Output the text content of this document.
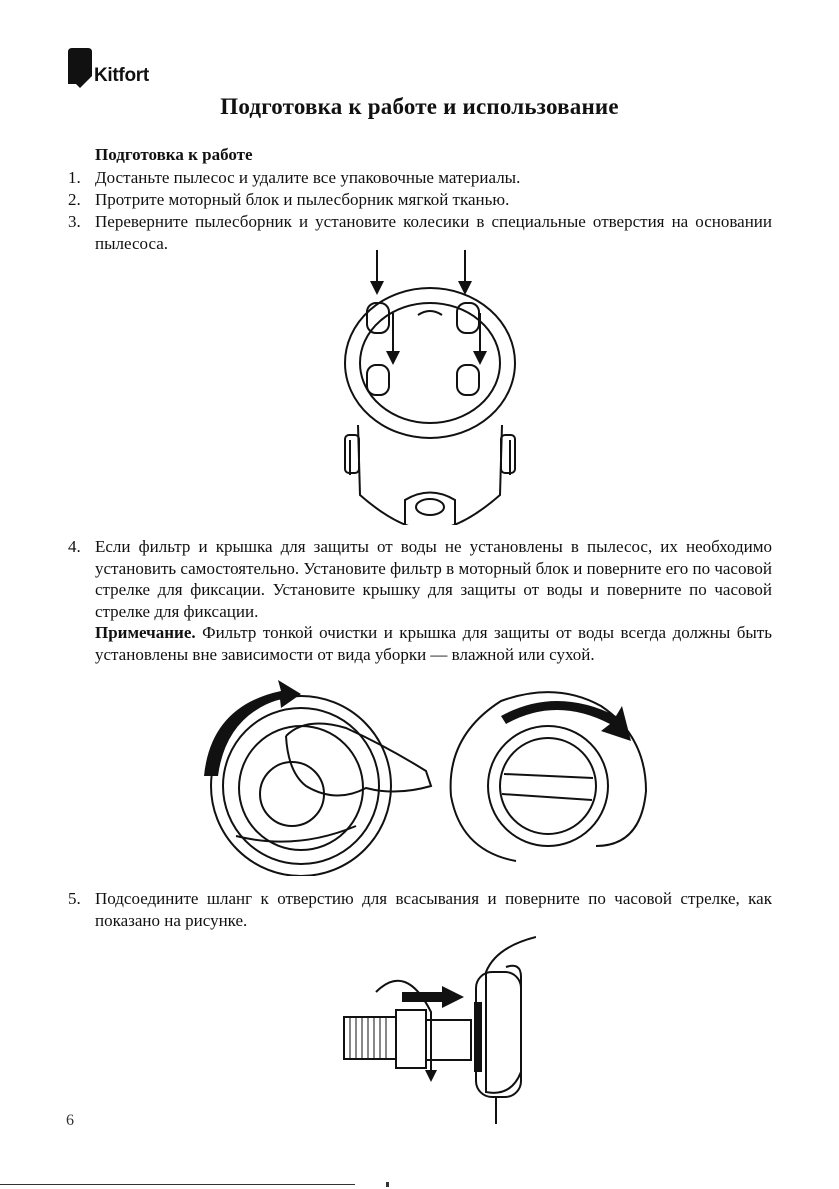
Kitfort
Подготовка к работе и использование
Подготовка к работе
1. Достаньте пылесос и удалите все упаковочные материалы.
2. Протрите моторный блок и пылесборник мягкой тканью.
3. Переверните пылесборник и установите колесики в специальные отверстия на основании пылесоса.
4. Если фильтр и крышка для защиты от воды не установлены в пылесос, их необходимо установить самостоятельно. Установите фильтр в моторный блок и поверните его по часовой стрелке для фиксации. Установите крышку для защиты от воды и поверните по часовой стрелке для фиксации.
Примечание. Фильтр тонкой очистки и крышка для защиты от воды всегда должны быть установлены вне зависимости от вида уборки — влажной или сухой.
5. Подсоедините шланг к отверстию для всасывания и поверните по часовой стрелке, как показано на рисунке.
6
